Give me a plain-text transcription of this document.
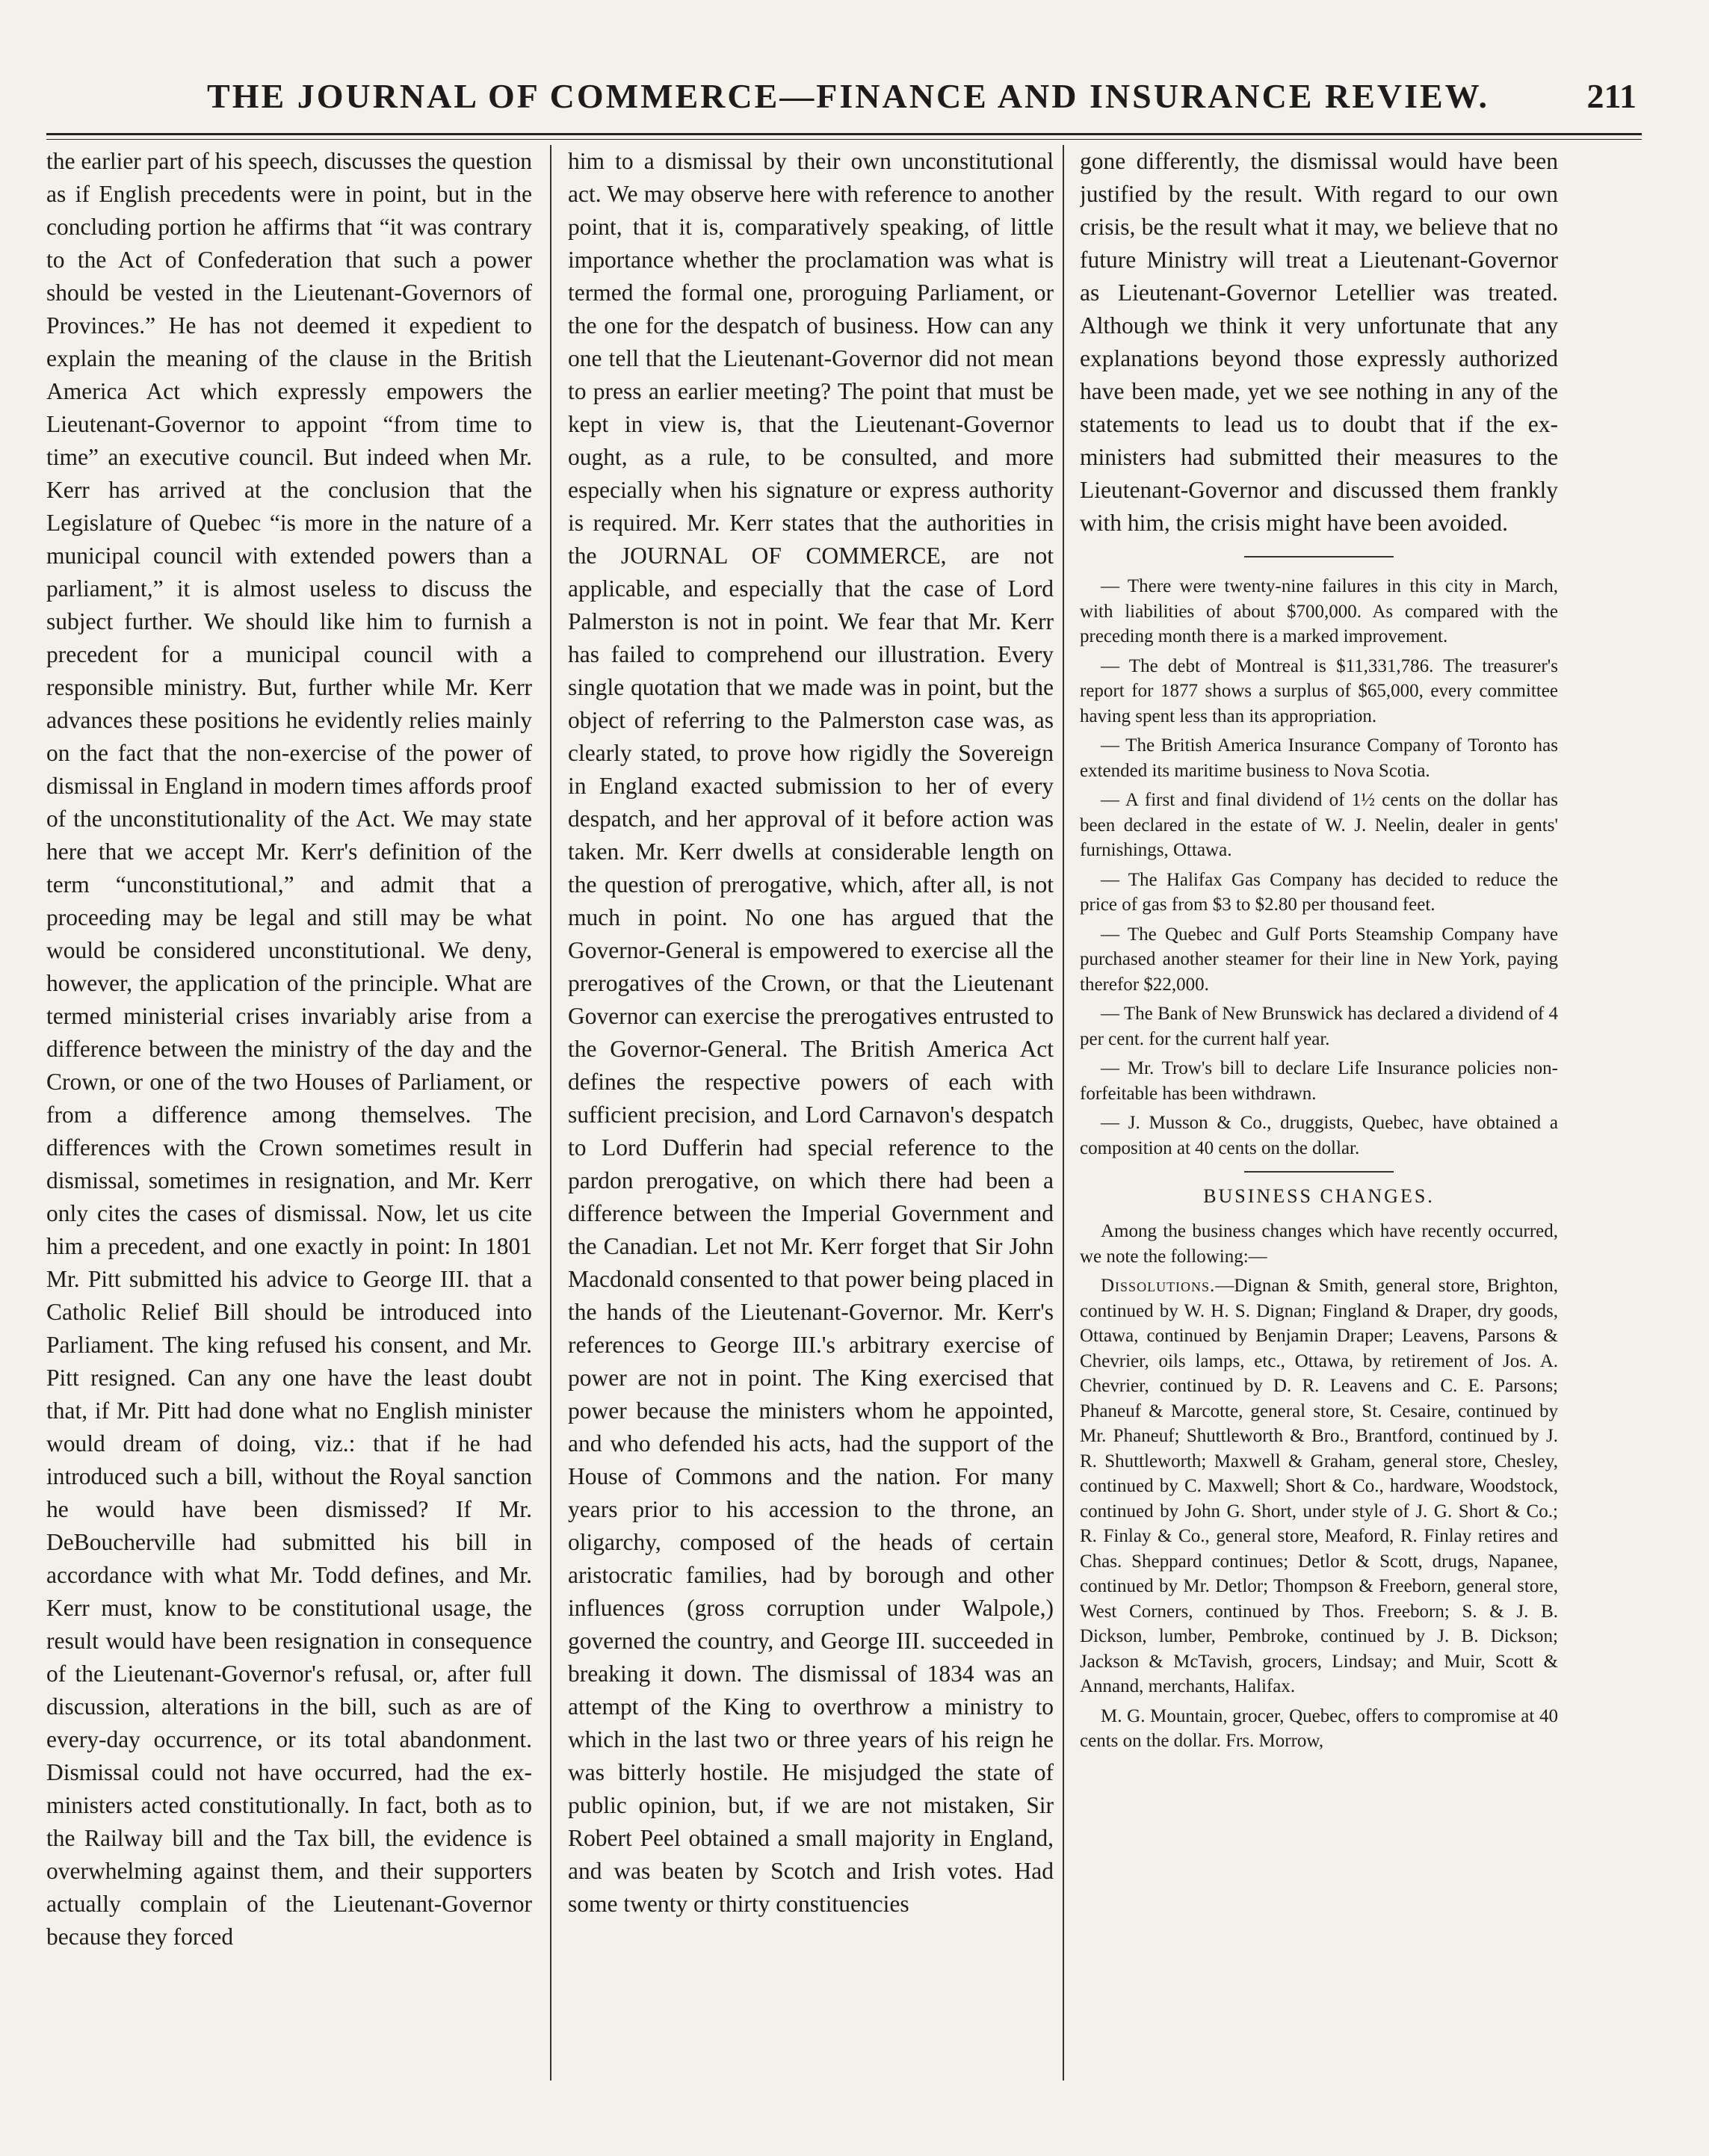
THE JOURNAL OF COMMERCE—FINANCE AND INSURANCE REVIEW.	211

the earlier part of his speech, discusses the question as if English precedents were in point, but in the concluding portion he affirms that “it was contrary to the Act of Confederation that such a power should be vested in the Lieutenant-Governors of Provinces.” He has not deemed it expedient to explain the meaning of the clause in the British America Act which expressly empowers the Lieutenant-Governor to appoint “from time to time” an executive council. But indeed when Mr. Kerr has arrived at the conclusion that the Legislature of Quebec “is more in the nature of a municipal council with extended powers than a parliament,” it is almost useless to discuss the subject further. We should like him to furnish a precedent for a municipal council with a responsible ministry. But, further while Mr. Kerr advances these positions he evidently relies mainly on the fact that the non-exercise of the power of dismissal in England in modern times affords proof of the unconstitutionality of the Act. We may state here that we accept Mr. Kerr's definition of the term “unconstitutional,” and admit that a proceeding may be legal and still may be what would be considered unconstitutional. We deny, however, the application of the principle. What are termed ministerial crises invariably arise from a difference between the ministry of the day and the Crown, or one of the two Houses of Parliament, or from a difference among themselves. The differences with the Crown sometimes result in dismissal, sometimes in resignation, and Mr. Kerr only cites the cases of dismissal. Now, let us cite him a precedent, and one exactly in point: In 1801 Mr. Pitt submitted his advice to George III. that a Catholic Relief Bill should be introduced into Parliament. The king refused his consent, and Mr. Pitt resigned. Can any one have the least doubt that, if Mr. Pitt had done what no English minister would dream of doing, viz.: that if he had introduced such a bill, without the Royal sanction he would have been dismissed? If Mr. DeBoucherville had submitted his bill in accordance with what Mr. Todd defines, and Mr. Kerr must, know to be constitutional usage, the result would have been resignation in consequence of the Lieutenant-Governor's refusal, or, after full discussion, alterations in the bill, such as are of every-day occurrence, or its total abandonment. Dismissal could not have occurred, had the ex-ministers acted constitutionally. In fact, both as to the Railway bill and the Tax bill, the evidence is overwhelming against them, and their supporters actually complain of the Lieutenant-Governor because they forced

him to a dismissal by their own unconstitutional act. We may observe here with reference to another point, that it is, comparatively speaking, of little importance whether the proclamation was what is termed the formal one, proroguing Parliament, or the one for the despatch of business. How can any one tell that the Lieutenant-Governor did not mean to press an earlier meeting? The point that must be kept in view is, that the Lieutenant-Governor ought, as a rule, to be consulted, and more especially when his signature or express authority is required. Mr. Kerr states that the authorities in the JOURNAL OF COMMERCE, are not applicable, and especially that the case of Lord Palmerston is not in point. We fear that Mr. Kerr has failed to comprehend our illustration. Every single quotation that we made was in point, but the object of referring to the Palmerston case was, as clearly stated, to prove how rigidly the Sovereign in England exacted submission to her of every despatch, and her approval of it before action was taken. Mr. Kerr dwells at considerable length on the question of prerogative, which, after all, is not much in point. No one has argued that the Governor-General is empowered to exercise all the prerogatives of the Crown, or that the Lieutenant Governor can exercise the prerogatives entrusted to the Governor-General. The British America Act defines the respective powers of each with sufficient precision, and Lord Carnavon's despatch to Lord Dufferin had special reference to the pardon prerogative, on which there had been a difference between the Imperial Government and the Canadian. Let not Mr. Kerr forget that Sir John Macdonald consented to that power being placed in the hands of the Lieutenant-Governor. Mr. Kerr's references to George III.'s arbitrary exercise of power are not in point. The King exercised that power because the ministers whom he appointed, and who defended his acts, had the support of the House of Commons and the nation. For many years prior to his accession to the throne, an oligarchy, composed of the heads of certain aristocratic families, had by borough and other influences (gross corruption under Walpole,) governed the country, and George III. succeeded in breaking it down. The dismissal of 1834 was an attempt of the King to overthrow a ministry to which in the last two or three years of his reign he was bitterly hostile. He misjudged the state of public opinion, but, if we are not mistaken, Sir Robert Peel obtained a small majority in England, and was beaten by Scotch and Irish votes. Had some twenty or thirty constituencies

gone differently, the dismissal would have been justified by the result. With regard to our own crisis, be the result what it may, we believe that no future Ministry will treat a Lieutenant-Governor as Lieutenant-Governor Letellier was treated. Although we think it very unfortunate that any explanations beyond those expressly authorized have been made, yet we see nothing in any of the statements to lead us to doubt that if the ex-ministers had submitted their measures to the Lieutenant-Governor and discussed them frankly with him, the crisis might have been avoided.

— There were twenty-nine failures in this city in March, with liabilities of about $700,000. As compared with the preceding month there is a marked improvement.

— The debt of Montreal is $11,331,786. The treasurer's report for 1877 shows a surplus of $65,000, every committee having spent less than its appropriation.

— The British America Insurance Company of Toronto has extended its maritime business to Nova Scotia.

— A first and final dividend of 1½ cents on the dollar has been declared in the estate of W. J. Neelin, dealer in gents' furnishings, Ottawa.

— The Halifax Gas Company has decided to reduce the price of gas from $3 to $2.80 per thousand feet.

— The Quebec and Gulf Ports Steamship Company have purchased another steamer for their line in New York, paying therefor $22,000.

— The Bank of New Brunswick has declared a dividend of 4 per cent. for the current half year.

— Mr. Trow's bill to declare Life Insurance policies non-forfeitable has been withdrawn.

— J. Musson & Co., druggists, Quebec, have obtained a composition at 40 cents on the dollar.

BUSINESS CHANGES.

Among the business changes which have recently occurred, we note the following:—

Dissolutions.—Dignan & Smith, general store, Brighton, continued by W. H. S. Dignan; Fingland & Draper, dry goods, Ottawa, continued by Benjamin Draper; Leavens, Parsons & Chevrier, oils lamps, etc., Ottawa, by retirement of Jos. A. Chevrier, continued by D. R. Leavens and C. E. Parsons; Phaneuf & Marcotte, general store, St. Cesaire, continued by Mr. Phaneuf; Shuttleworth & Bro., Brantford, continued by J. R. Shuttleworth; Maxwell & Graham, general store, Chesley, continued by C. Maxwell; Short & Co., hardware, Woodstock, continued by John G. Short, under style of J. G. Short & Co.; R. Finlay & Co., general store, Meaford, R. Finlay retires and Chas. Sheppard continues; Detlor & Scott, drugs, Napanee, continued by Mr. Detlor; Thompson & Freeborn, general store, West Corners, continued by Thos. Freeborn; S. & J. B. Dickson, lumber, Pembroke, continued by J. B. Dickson; Jackson & McTavish, grocers, Lindsay; and Muir, Scott & Annand, merchants, Halifax.

M. G. Mountain, grocer, Quebec, offers to compromise at 40 cents on the dollar. Frs. Morrow,
